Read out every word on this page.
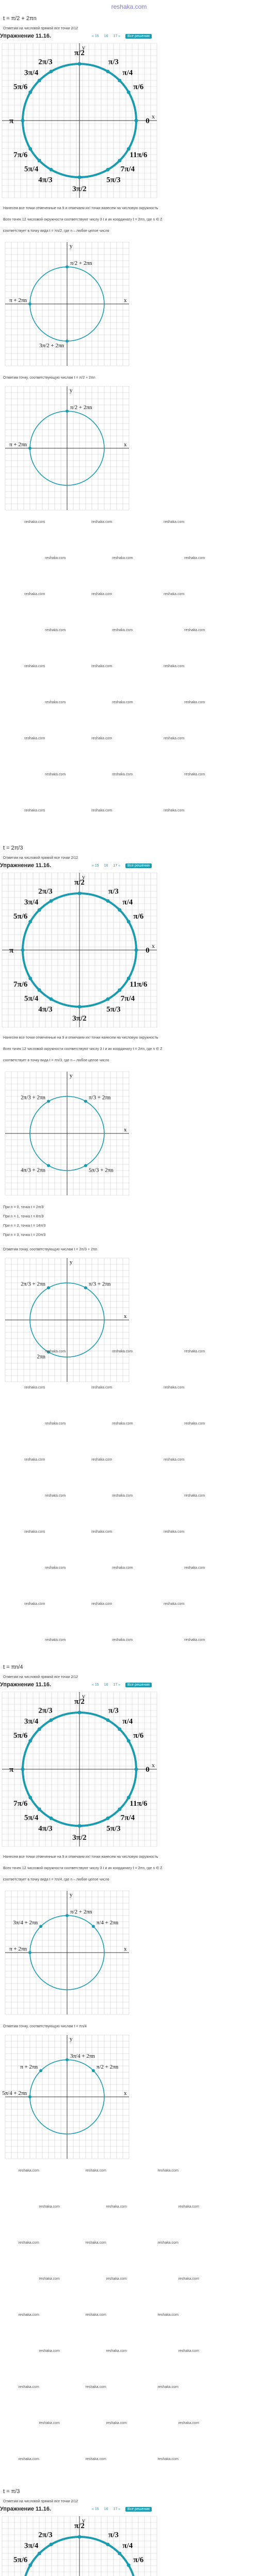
reshaka.com
t = π/2 + 2πn
Отметим на числовой прямой все точки 2/12
Упражнение 11.16.	« 15 16 17 »	Все решения
0
π/6
π/4
π/3
π/2
2π/3
3π/4
5π/6
π
7π/6
5π/4
4π/3
3π/2
5π/3
7π/4
11π/6
x
y
Нанесем все точки отмеченные на 9 и отмечаем их! точки нанесем на числовую окружность
Всех точек 12 числовой окружности соответствуют числу 3 t и их координату t = 2πn, где n ∈ Z
соответствует в точку вида t = πn/2, где n – любое целое число
π/2 + 2πn
π + 2πn
3π/2 + 2πn
x
y
Отметим точку, соответствующую числам t = π/2 + 2πn
π/2 + 2πn
π + 2πn	x
y
reshaka.com	reshaka.com	reshaka.com
reshaka.com	reshaka.com	reshaka.com
reshaka.com	reshaka.com	reshaka.com
reshaka.com	reshaka.com	reshaka.com
reshaka.com	reshaka.com	reshaka.com
reshaka.com	reshaka.com	reshaka.com
reshaka.com	reshaka.com	reshaka.com
reshaka.com	reshaka.com	reshaka.com
reshaka.com	reshaka.com	reshaka.com
t = 2π/3
Отметим на числовой прямой все точки 2/12
Упражнение 11.16.	« 15 16 17 »	Все решения
0
π/6
π/4
π/3
π/2
2π/3
3π/4
5π/6
π
7π/6
5π/4
4π/3
3π/2
5π/3
7π/4
11π/6
x
y
Нанесем все точки отмеченные на 9 и отмечаем их! точки нанесем на числовую окружность
Всех точек 12 числовой окружности соответствуют числу 3 t и их координату t = 2πn, где n ∈ Z
соответствует в точку вида t = πn/3, где n – любое целое число
2π/3 + 2πn	π/3 + 2πn
4π/3 + 2πn	5π/3 + 2πn
x
y
При n = 0, точка t = 2π/3
При n = 1, точка t = 8π/3
При n = 2, точка t = 14π/3
При n = 3, точка t = 20π/3
Отметим точку, соответствующую числам t = 2π/3 + 2πn
2π/3 + 2πn	π/3 + 2πn
2πn
x
y
reshaka.com	reshaka.com	reshaka.com
reshaka.com	reshaka.com	reshaka.com
reshaka.com	reshaka.com	reshaka.com
reshaka.com	reshaka.com	reshaka.com
reshaka.com	reshaka.com	reshaka.com
reshaka.com	reshaka.com	reshaka.com
reshaka.com	reshaka.com	reshaka.com
reshaka.com	reshaka.com	reshaka.com
reshaka.com	reshaka.com	reshaka.com
t = πn/4
Отметим на числовой прямой все точки 2/12
Упражнение 11.16.	« 15 16 17 »	Все решения
0
π/6
π/4
π/3
π/2
2π/3
3π/4
5π/6
π
7π/6
5π/4
4π/3
3π/2
5π/3
7π/4
11π/6
x
y
Нанесем все точки отмеченные на 9 и отмечаем их! точки нанесем на числовую окружность
Всех точек 12 числовой окружности соответствуют числу 3 t и их координату t = 2πn, где n ∈ Z
соответствует в точку вида t = πn/4, где n – любое целое число
π/4 + 2πn
π/2 + 2πn
3π/4 + 2πn
π + 2πn	x
y
Отметим точку, соответствующую числам t = πn/4
π/2 + 2πn
3π/4 + 2πn
π + 2πn
5π/4 + 2πn	x
y
reshaka.com	reshaka.com	reshaka.com
reshaka.com	reshaka.com	reshaka.com
reshaka.com	reshaka.com	reshaka.com
reshaka.com	reshaka.com	reshaka.com
reshaka.com	reshaka.com	reshaka.com
reshaka.com	reshaka.com	reshaka.com
reshaka.com	reshaka.com	reshaka.com
reshaka.com	reshaka.com	reshaka.com
reshaka.com	reshaka.com	reshaka.com
t = π/3
Отметим на числовой прямой все точки 2/12
Упражнение 11.16.	« 15 16 17 »	Все решения
π/6
π/4
π/3
π/2
2π/3
3π/4
5π/6
y
